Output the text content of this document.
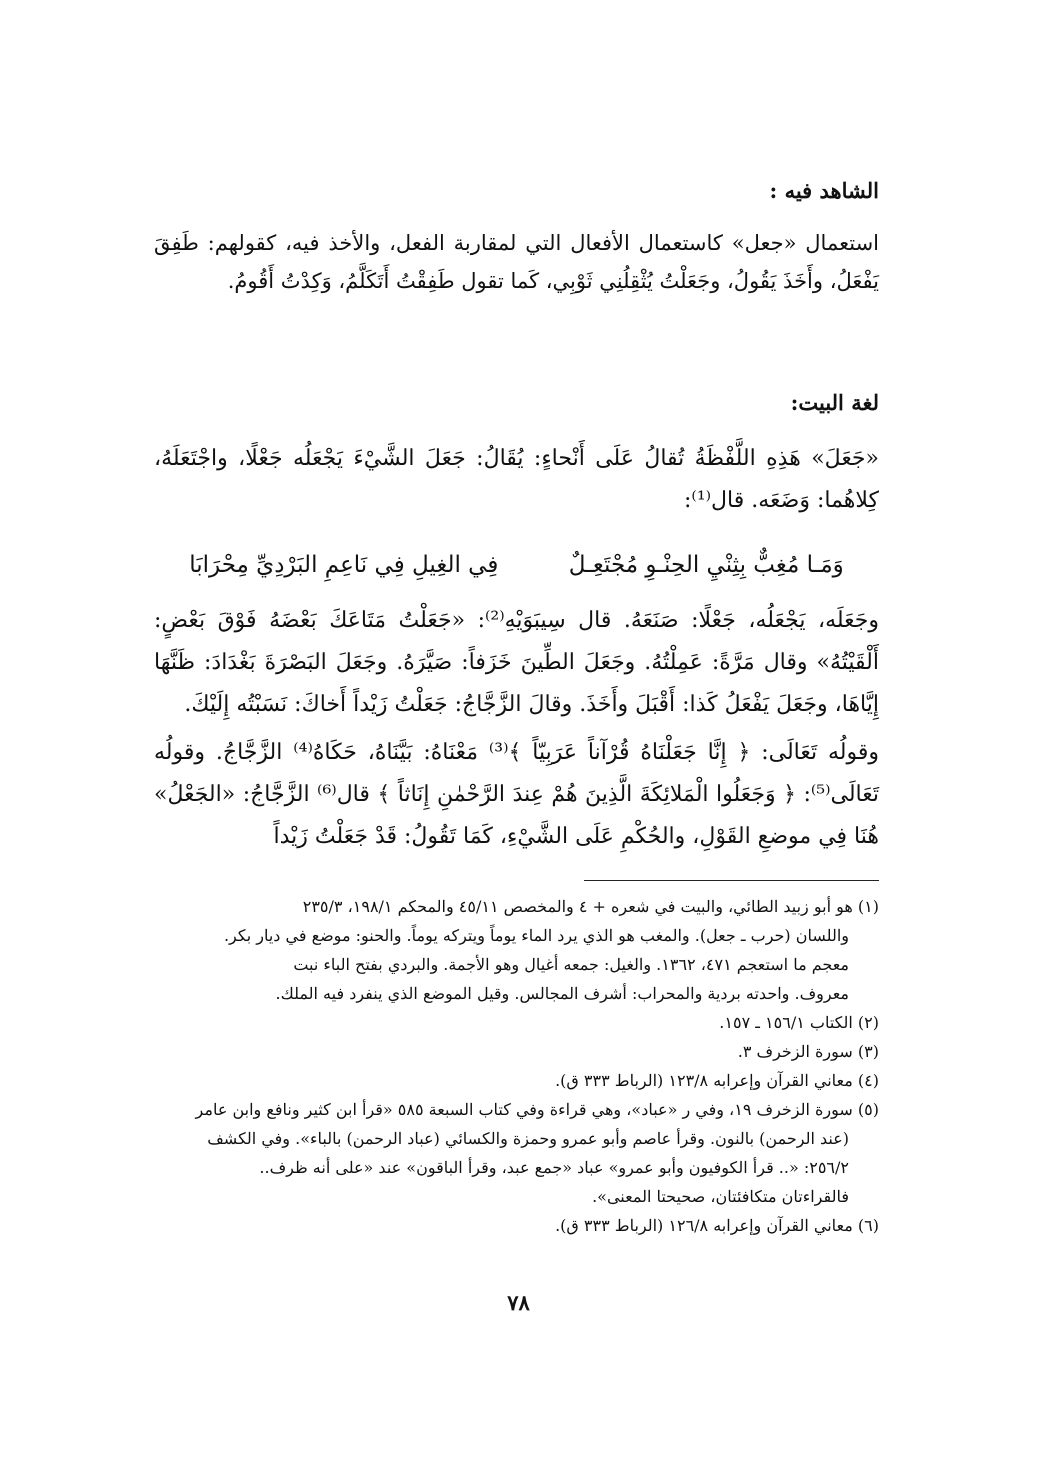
الشاهد فيه :
استعمال «جعل» كاستعمال الأفعال التي لمقاربة الفعل، والأخذ فيه، كقولهم: طَفِقَ يَفْعَلُ، وأَخَذَ يَقُولُ، وجَعَلْتُ يُثْقِلُنِي ثَوْبِي، كَما تقول طَفِقْتُ أَتَكَلَّمُ، وَكِدْتُ أَقُومُ.
لغة البيت:
«جَعَلَ» هَذِهِ اللَّفْظَةُ تُقالُ عَلَى أَنْحاءٍ: يُقَالُ: جَعَلَ الشَّيْءَ يَجْعَلُه جَعْلًا، واجْتَعَلَهُ، كِلاهُما: وَضَعَه. قال⁽¹⁾:
وَمَـا مُغِبٌّ بِثِنْيِ الحِنْـوِ مُجْتَعِـلٌ
فِي الغِيلِ فِي نَاعِمِ البَرْدِيِّ مِحْرَابَا
وجَعَلَه، يَجْعَلُه، جَعْلًا: صَنَعَهُ. قال سِيبَوَيْهِ⁽²⁾: «جَعَلْتُ مَتَاعَكَ بَعْضَهُ فَوْقَ بَعْضٍ: أَلْقَيْتُهُ» وقال مَرَّةً: عَمِلْتُهُ. وجَعَلَ الطِّينَ خَزَفاً: صَيَّرَهُ. وجَعَلَ البَصْرَةَ بَغْدَادَ: ظَنَّهَا إِيَّاهَا، وجَعَلَ يَفْعَلُ كَذا: أَقْبَلَ وأَخَذَ. وقالَ الزَّجَّاجُ: جَعَلْتُ زَيْداً أَخاكَ: نَسَبْتُه إِلَيْكَ.
وقولُه تَعَالَى: ﴿ إِنَّا جَعَلْنَاهُ قُرْآناً عَرَبِيّاً ﴾⁽³⁾ مَعْنَاهُ: بَيَّنَاهُ، حَكَاهُ⁽⁴⁾ الزَّجَّاجُ. وقولُه تَعَالَى⁽⁵⁾: ﴿ وَجَعَلُوا الْمَلائِكَةَ الَّذِينَ هُمْ عِندَ الرَّحْمٰنِ إِنَاثاً ﴾ قال⁽⁶⁾ الزَّجَّاجُ: «الجَعْلُ» هُنَا فِي موضعِ القَوْلِ، والحُكْمِ عَلَى الشَّيْءِ، كَمَا تَقُولُ: قَدْ جَعَلْتُ زَيْداً

(١) هو أبو زبيد الطائي، والبيت في شعره + ٤ والمخصص ٤٥/١١ والمحكم ١٩٨/١، ٢٣٥/٣

واللسان (حرب ـ جعل). والمغب هو الذي يرد الماء يوماً ويتركه يوماً. والحنو: موضع في ديار بكر.

معجم ما استعجم ٤٧١، ١٣٦٢. والغيل: جمعه أغيال وهو الأجمة. والبردي بفتح الباء نبت

معروف. واحدته بردية والمحراب: أشرف المجالس. وقيل الموضع الذي ينفرد فيه الملك.

(٢) الكتاب ١٥٦/١ ـ ١٥٧.

(٣) سورة الزخرف ٣.

(٤) معاني القرآن وإعرابه ١٢٣/٨ (الرباط ٣٣٣ ق).

(٥) سورة الزخرف ١٩، وفي ر «عباد»، وهي قراءة وفي كتاب السبعة ٥٨٥ «قرأ ابن كثير ونافع وابن عامر

(عند الرحمن) بالنون. وقرأ عاصم وأبو عمرو وحمزة والكسائي (عباد الرحمن) بالباء». وفي الكشف

٢٥٦/٢: «.. قرأ الكوفيون وأبو عمرو» عباد «جمع عبد، وقرأ الباقون» عند «على أنه ظرف..

فالقراءتان متكافئتان، صحيحتا المعنى».

(٦) معاني القرآن وإعرابه ١٢٦/٨ (الرباط ٣٣٣ ق).

٧٨
